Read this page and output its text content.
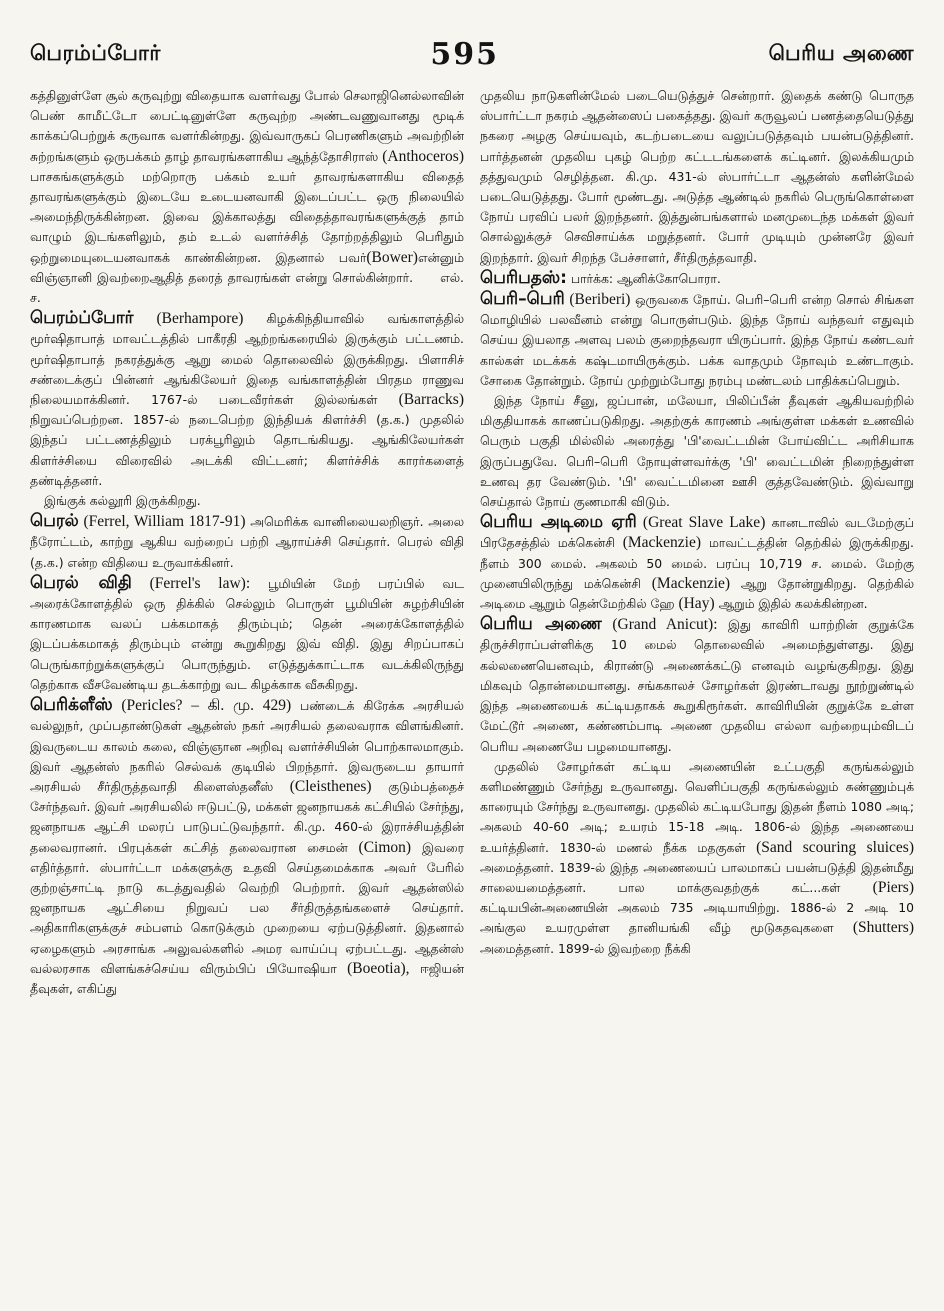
பெரம்ப்போர்	595	பெரிய அணை

கத்தினுள்ளே சூல் கருவுற்று விதையாக வளர்வது போல் செலாஜினெல்லாவின் பெண் காமீட்டோ பைட்டினுள்ளே கருவுற்ற அண்டவணுவானது மூடிக் காக்கப்பெற்றுக் கருவாக வளர்கின்றது. இவ்வாருகப் பெரணிகளும் அவற்றின் சுற்றங்களும் ஒருபக்கம் தாழ் தாவரங்களாகிய ஆந்த்தோசிராஸ் (Anthoceros) பாசகங்களுக்கும் மற்றொரு பக்கம் உயர் தாவரங்களாகிய விதைத் தாவரங்களுக்கும் இடையே உடையனவாகி இடைப்பட்ட ஒரு நிலையில் அமைந்திருக்கின்றன. இவை இக்காலத்து விதைத்தாவரங்களுக்குத் தாம் வாழும் இடங்களிலும், தம் உடல் வளர்ச்சித் தோற்றத்திலும் பெரிதும் ஒற்றுமையுடையனவாகக் காண்கின்றன. இதனால் பவர்(Bower)என்னும் விஞ்ஞானி இவற்றைஆதித் தரைத் தாவரங்கள் என்று சொல்கின்றார். எல். ச.

பெரம்ப்போர் (Berhampore) கிழக்கிந்தியாவில் வங்காளத்தில் மூர்ஷிதாபாத் மாவட்டத்தில் பாகீரதி ஆற்றங்கரையில் இருக்கும் பட்டணம். மூர்ஷிதாபாத் நகரத்துக்கு ஆறு மைல் தொலைவில் இருக்கிறது. பிளாசிச் சண்டைக்குப் பின்னர் ஆங்கிலேயர் இதை வங்காளத்தின் பிரதம ராணுவ நிலையமாக்கினர். 1767-ல் படைவீரர்கள் இல்லங்கள் (Barracks) நிறுவப்பெற்றன. 1857-ல் நடைபெற்ற இந்தியக் கிளர்ச்சி (த.க.) முதலில் இந்தப் பட்டணத்திலும் பரக்பூரிலும் தொடங்கியது. ஆங்கிலேயர்கள் கிளர்ச்சியை விரைவில் அடக்கி விட்டனர்; கிளர்ச்சிக் காரர்களைத் தண்டித்தனர்.

இங்குக் கல்லூரி இருக்கிறது.

பெரல் (Ferrel, William 1817-91) அமெரிக்க வானிலையலறிஞர். அலை நீரோட்டம், காற்று ஆகிய வற்றைப் பற்றி ஆராய்ச்சி செய்தார். பெரல் விதி (த.க.) என்ற விதியை உருவாக்கினர்.

பெரல் விதி (Ferrel's law): பூமியின் மேற் பரப்பில் வட அரைக்கோளத்தில் ஒரு திக்கில் செல்லும் பொருள் பூமியின் சுழற்சியின் காரணமாக வலப் பக்கமாகத் திரும்பும்; தென் அரைக்கோளத்தில் இடப்பக்கமாகத் திரும்பும் என்று கூறுகிறது இவ் விதி. இது சிறப்பாகப் பெருங்காற்றுக்களுக்குப் பொருந்தும். எடுத்துக்காட்டாக வடக்கிலிருந்து தெற்காக வீசவேண்டிய தடக்காற்று வட கிழக்காக வீசுகிறது.

பெரிக்ளீஸ் (Pericles? – கி. மு. 429) பண்டைக் கிரேக்க அரசியல் வல்லுநர், முப்பதாண்டுகள் ஆதன்ஸ் நகர் அரசியல் தலைவராக விளங்கினர். இவருடைய காலம் கலை, விஞ்ஞான அறிவு வளர்ச்சியின் பொற்காலமாகும். இவர் ஆதன்ஸ் நகரில் செல்வக் குடியில் பிறந்தார். இவருடைய தாயார் அரசியல் சீர்திருத்தவாதி கிளைஸ்தனீஸ் (Cleisthenes) குடும்பத்தைச் சேர்ந்தவர். இவர் அரசியலில் ஈடுபட்டு, மக்கள் ஜனநாயகக் கட்சியில் சேர்ந்து, ஜனநாயக ஆட்சி மலரப் பாடுபட்டுவந்தார். கி.மு. 460-ல் இராச்சியத்தின் தலைவரானர். பிரபுக்கள் கட்சித் தலைவரான சைமன் (Cimon) இவரை எதிர்த்தார். ஸ்பார்ட்டா மக்களுக்கு உதவி செய்தமைக்காக அவர் பேரில் குற்றஞ்சாட்டி நாடு கடத்துவதில் வெற்றி பெற்றார். இவர் ஆதன்ஸில் ஜனநாயக ஆட்சியை நிறுவப் பல சீர்திருத்தங்களைச் செய்தார். அதிகாரிகளுக்குச் சம்பளம் கொடுக்கும் முறையை ஏற்படுத்தினர். இதனால் ஏழைகளும் அரசாங்க அலுவல்களில் அமர வாய்ப்பு ஏற்பட்டது. ஆதன்ஸ் வல்லரசாக விளங்கச்செய்ய விரும்பிப் பியோஷியா (Boeotia), ஈஜியன் தீவுகள், எகிப்து

முதலிய நாடுகளின்மேல் படையெடுத்துச் சென்றார். இதைக் கண்டு பொருத ஸ்பார்ட்டா நகரம் ஆதன்ஸைப் பகைத்தது. இவர் கருவூலப் பணத்தையெடுத்து நகரை அழகு செய்யவும், கடற்படையை வலுப்படுத்தவும் பயன்படுத்தினர். பார்த்தனன் முதலிய புகழ் பெற்ற கட்டடங்களைக் கட்டினர். இலக்கியமும் தத்துவமும் செழித்தன. கி.மு. 431-ல் ஸ்பார்ட்டா ஆதன்ஸ் களின்மேல் படையெடுத்தது. போர் மூண்டது. அடுத்த ஆண்டில் நகரில் பெருங்கொள்ளை நோய் பரவிப் பலர் இறந்தனர். இத்துன்பங்களால் மனமுடைந்த மக்கள் இவர் சொல்லுக்குச் செவிசாய்க்க மறுத்தனர். போர் முடியும் முன்னரே இவர் இறந்தார். இவர் சிறந்த பேச்சாளர், சீர்திருத்தவாதி.

பெரிபதஸ்: பார்க்க: ஆனிக்கோபொரா.

பெரி–பெரி (Beriberi) ஒருவகை நோய். பெரி–பெரி என்ற சொல் சிங்கள மொழியில் பலவீனம் என்று பொருள்படும். இந்த நோய் வந்தவர் எதுவும் செய்ய இயலாத அளவு பலம் குறைந்தவரா யிருப்பார். இந்த நோய் கண்டவர் கால்கள் மடக்கக் கஷ்டமாயிருக்கும். பக்க வாதமும் நோவும் உண்டாகும். சோகை தோன்றும். நோய் முற்றும்போது நரம்பு மண்டலம் பாதிக்கப்பெறும்.

இந்த நோய் சீனு, ஜப்பான், மலேயா, பிலிப்பீன் தீவுகள் ஆகியவற்றில் மிகுதியாகக் காணப்படுகிறது. அதற்குக் காரணம் அங்குள்ள மக்கள் உணவில் பெரும் பகுதி மில்லில் அரைத்து 'பி'வைட்டமின் போய்விட்ட அரிசியாக இருப்பதுவே. பெரி–பெரி நோயுள்ளவர்க்கு 'பி' வைட்டமின் நிறைந்துள்ள உணவு தர வேண்டும். 'பி' வைட்டமினை ஊசி குத்தவேண்டும். இவ்வாறு செய்தால் நோய் குணமாகி விடும்.

பெரிய அடிமை ஏரி (Great Slave Lake) கானடாவில் வடமேற்குப் பிரதேசத்தில் மக்கென்சி (Mackenzie) மாவட்டத்தின் தெற்கில் இருக்கிறது. நீளம் 300 மைல். அகலம் 50 மைல். பரப்பு 10,719 ச. மைல். மேற்கு முனையிலிருந்து மக்கென்சி (Mackenzie) ஆறு தோன்றுகிறது. தெற்கில் அடிமை ஆறும் தென்மேற்கில் ஹே (Hay) ஆறும் இதில் கலக்கின்றன.

பெரிய அணை (Grand Anicut): இது காவிரி யாற்றின் குறுக்கே திருச்சிராப்பள்ளிக்கு 10 மைல் தொலைவில் அமைந்துள்ளது. இது கல்லணையெனவும், கிராண்டு அணைக்கட்டு எனவும் வழங்குகிறது. இது மிகவும் தொன்மையானது. சங்ககாலச் சோழர்கள் இரண்டாவது நூற்றுண்டில் இந்த அணையைக் கட்டியதாகக் கூறுகிரூர்கள். காவிரியின் குறுக்கே உள்ள மேட்டூர் அணை, கண்ணம்பாடி அணை முதலிய எல்லா வற்றையும்விடப் பெரிய அணையே பழமையானது.

முதலில் சோழர்கள் கட்டிய அணையின் உட்பகுதி கருங்கல்லும் களிமண்ணும் சேர்ந்து உருவானது. வெளிப்பகுதி கருங்கல்லும் சுண்ணும்புக் காரையும் சேர்ந்து உருவானது. முதலில் கட்டியபோது இதன் நீளம் 1080 அடி; அகலம் 40-60 அடி; உயரம் 15-18 அடி. 1806-ல் இந்த அணையை உயர்த்தினர். 1830-ல் மணல் நீக்க மதகுகள் (Sand scouring sluices) அமைத்தனர். 1839-ல் இந்த அணையைப் பாலமாகப் பயன்படுத்தி இதன்மீது சாலையமைத்தனர். பால மாக்குவதற்குக் கட்...கள் (Piers) கட்டியபின்அணையின் அகலம் 735 அடியாயிற்று. 1886-ல் 2 அடி 10 அங்குல உயரமுள்ள தானியங்கி வீழ் மூடுகதவுகளை (Shutters) அமைத்தனர். 1899-ல் இவற்றை நீக்கி
